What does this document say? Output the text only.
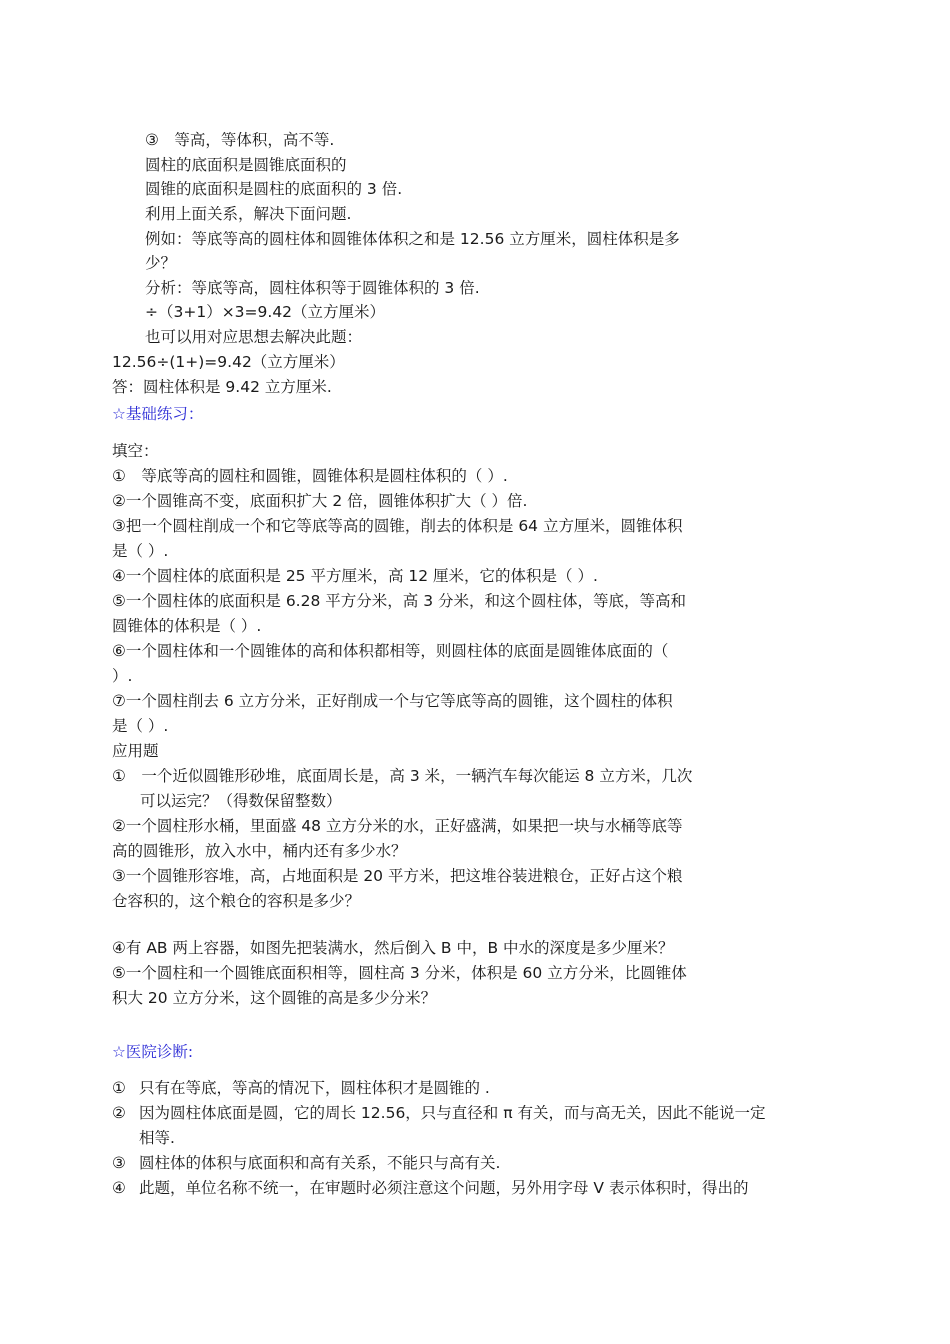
③　等高，等体积，高不等.
圆柱的底面积是圆锥底面积的
圆锥的底面积是圆柱的底面积的 3 倍.
利用上面关系，解决下面问题.
例如：等底等高的圆柱体和圆锥体体积之和是 12.56 立方厘米，圆柱体积是多
少？
分析：等底等高，圆柱体积等于圆锥体积的 3 倍.
÷（3+1）×3=9.42（立方厘米）
也可以用对应思想去解决此题：
12.56÷(1+)=9.42（立方厘米）
答：圆柱体积是 9.42 立方厘米.
☆基础练习：
填空：
①　等底等高的圆柱和圆锥，圆锥体积是圆柱体积的（ ）.
②一个圆锥高不变，底面积扩大 2 倍，圆锥体积扩大（ ）倍.
③把一个圆柱削成一个和它等底等高的圆锥，削去的体积是 64 立方厘米，圆锥体积
是（ ）.
④一个圆柱体的底面积是 25 平方厘米，高 12 厘米，它的体积是（ ）.
⑤一个圆柱体的底面积是 6.28 平方分米，高 3 分米，和这个圆柱体，等底，等高和
圆锥体的体积是（ ）.
⑥一个圆柱体和一个圆锥体的高和体积都相等，则圆柱体的底面是圆锥体底面的（
）.
⑦一个圆柱削去 6 立方分米，正好削成一个与它等底等高的圆锥，这个圆柱的体积
是（ ）.
应用题
①　一个近似圆锥形砂堆，底面周长是，高 3 米，一辆汽车每次能运 8 立方米，几次
可以运完？（得数保留整数）
②一个圆柱形水桶，里面盛 48 立方分米的水，正好盛满，如果把一块与水桶等底等
高的圆锥形，放入水中，桶内还有多少水？
③一个圆锥形容堆，高，占地面积是 20 平方米，把这堆谷装进粮仓，正好占这个粮
仓容积的，这个粮仓的容积是多少？
④有 AB 两上容器，如图先把装满水，然后倒入 B 中，B 中水的深度是多少厘米？
⑤一个圆柱和一个圆锥底面积相等，圆柱高 3 分米，体积是 60 立方分米，比圆锥体
积大 20 立方分米，这个圆锥的高是多少分米？
☆医院诊断:
① 只有在等底，等高的情况下，圆柱体积才是圆锥的 .
② 因为圆柱体底面是圆，它的周长 12.56，只与直径和 π 有关，而与高无关，因此不能说一定
相等.
③ 圆柱体的体积与底面积和高有关系，不能只与高有关.
④ 此题，单位名称不统一，在审题时必须注意这个问题，另外用字母 V 表示体积时，得出的
